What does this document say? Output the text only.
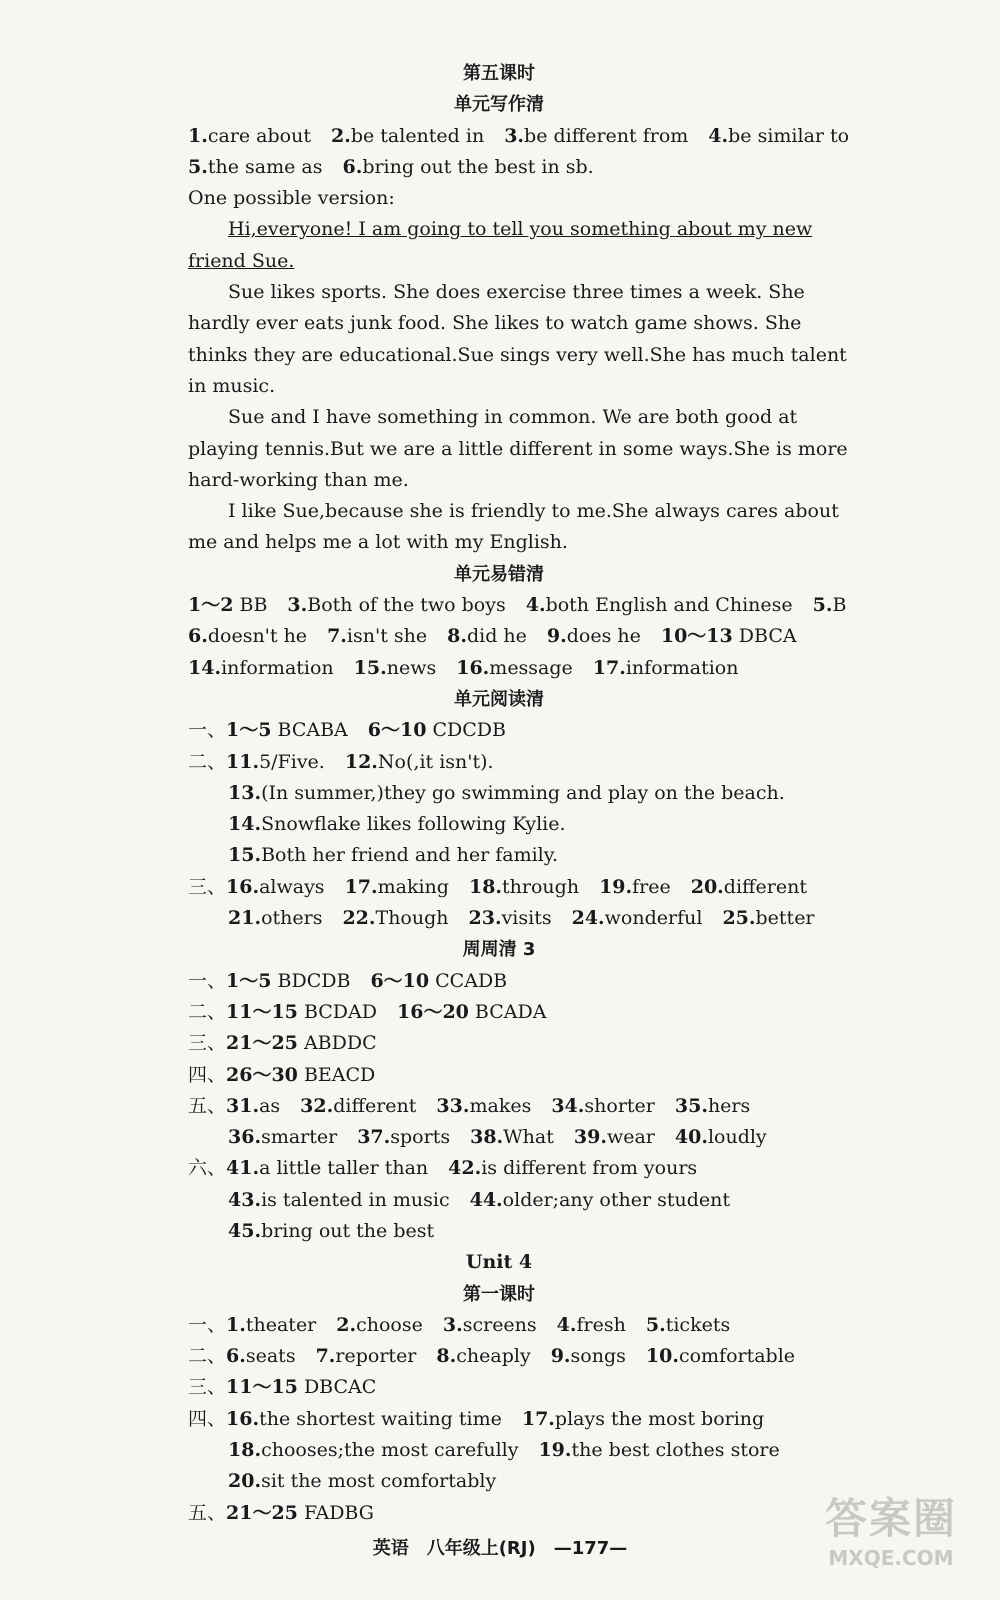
第五课时
单元写作清
1.care about 2.be talented in 3.be different from 4.be similar to
5.the same as 6.bring out the best in sb.
One possible version:
Hi,everyone! I am going to tell you something about my new
friend Sue.
Sue likes sports. She does exercise three times a week. She
hardly ever eats junk food. She likes to watch game shows. She
thinks they are educational.Sue sings very well.She has much talent
in music.
Sue and I have something in common. We are both good at
playing tennis.But we are a little different in some ways.She is more
hard-working than me.
I like Sue,because she is friendly to me.She always cares about
me and helps me a lot with my English.
单元易错清
1～2 BB 3.Both of the two boys 4.both English and Chinese 5.B
6.doesn't he 7.isn't she 8.did he 9.does he 10～13 DBCA
14.information 15.news 16.message 17.information
单元阅读清
一、 1～5 BCABA 6～10 CDCDB
二、 11.5/Five. 12.No(,it isn't).
13.(In summer,)they go swimming and play on the beach.
14.Snowflake likes following Kylie.
15.Both her friend and her family.
三、 16.always 17.making 18.through 19.free 20.different
21.others 22.Though 23.visits 24.wonderful 25.better
周周清 3
一、 1～5 BDCDB 6～10 CCADB
二、 11～15 BCDAD 16～20 BCADA
三、 21～25 ABDDC
四、 26～30 BEACD
五、 31.as 32.different 33.makes 34.shorter 35.hers
36.smarter 37.sports 38.What 39.wear 40.loudly
六、 41.a little taller than 42.is different from yours
43.is talented in music 44.older;any other student
45.bring out the best
Unit 4
第一课时
一、 1.theater 2.choose 3.screens 4.fresh 5.tickets
二、 6.seats 7.reporter 8.cheaply 9.songs 10.comfortable
三、 11～15 DBCAC
四、 16.the shortest waiting time 17.plays the most boring
18.chooses;the most carefully 19.the best clothes store
20.sit the most comfortably
五、 21～25 FADBG
英语　八年级上(RJ)　—177—
答案圈
MXQE.COM
